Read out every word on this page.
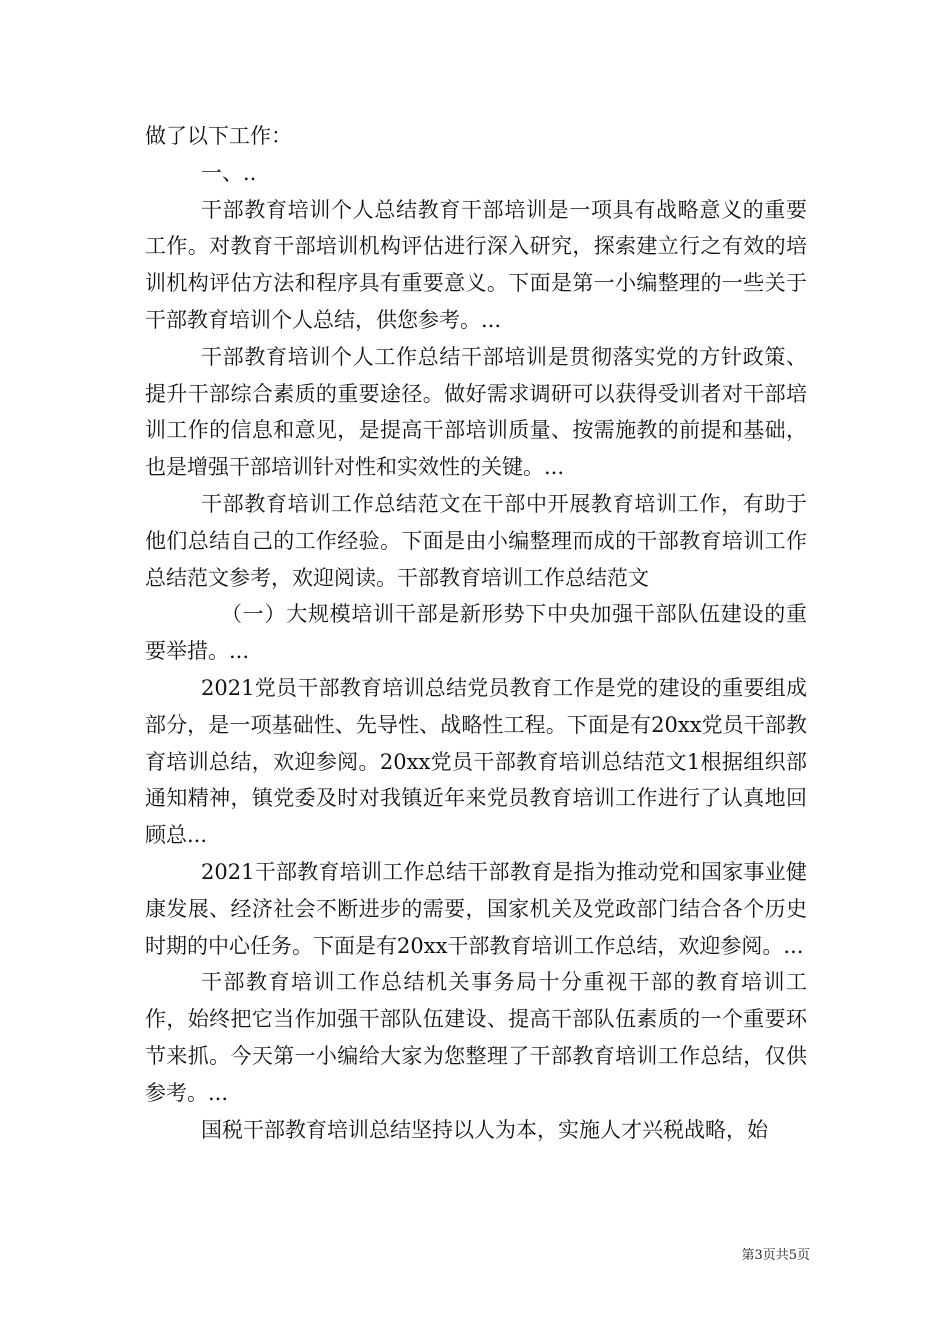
做了以下工作：

一、..

干部教育培训个人总结教育干部培训是一项具有战略意义的重要工作。对教育干部培训机构评估进行深入研究，探索建立行之有效的培训机构评估方法和程序具有重要意义。下面是第一小编整理的一些关于干部教育培训个人总结，供您参考。...

干部教育培训个人工作总结干部培训是贯彻落实党的方针政策、提升干部综合素质的重要途径。做好需求调研可以获得受训者对干部培训工作的信息和意见，是提高干部培训质量、按需施教的前提和基础，也是增强干部培训针对性和实效性的关键。...

干部教育培训工作总结范文在干部中开展教育培训工作，有助于他们总结自己的工作经验。下面是由小编整理而成的干部教育培训工作总结范文参考，欢迎阅读。干部教育培训工作总结范文

（一）大规模培训干部是新形势下中央加强干部队伍建设的重要举措。...

2021党员干部教育培训总结党员教育工作是党的建设的重要组成部分，是一项基础性、先导性、战略性工程。下面是有20xx党员干部教育培训总结，欢迎参阅。20xx党员干部教育培训总结范文1根据组织部通知精神，镇党委及时对我镇近年来党员教育培训工作进行了认真地回顾总...

2021干部教育培训工作总结干部教育是指为推动党和国家事业健康发展、经济社会不断进步的需要，国家机关及党政部门结合各个历史时期的中心任务。下面是有20xx干部教育培训工作总结，欢迎参阅。...

干部教育培训工作总结机关事务局十分重视干部的教育培训工作，始终把它当作加强干部队伍建设、提高干部队伍素质的一个重要环节来抓。今天第一小编给大家为您整理了干部教育培训工作总结，仅供参考。...

国税干部教育培训总结坚持以人为本，实施人才兴税战略，始

第3页共5页
